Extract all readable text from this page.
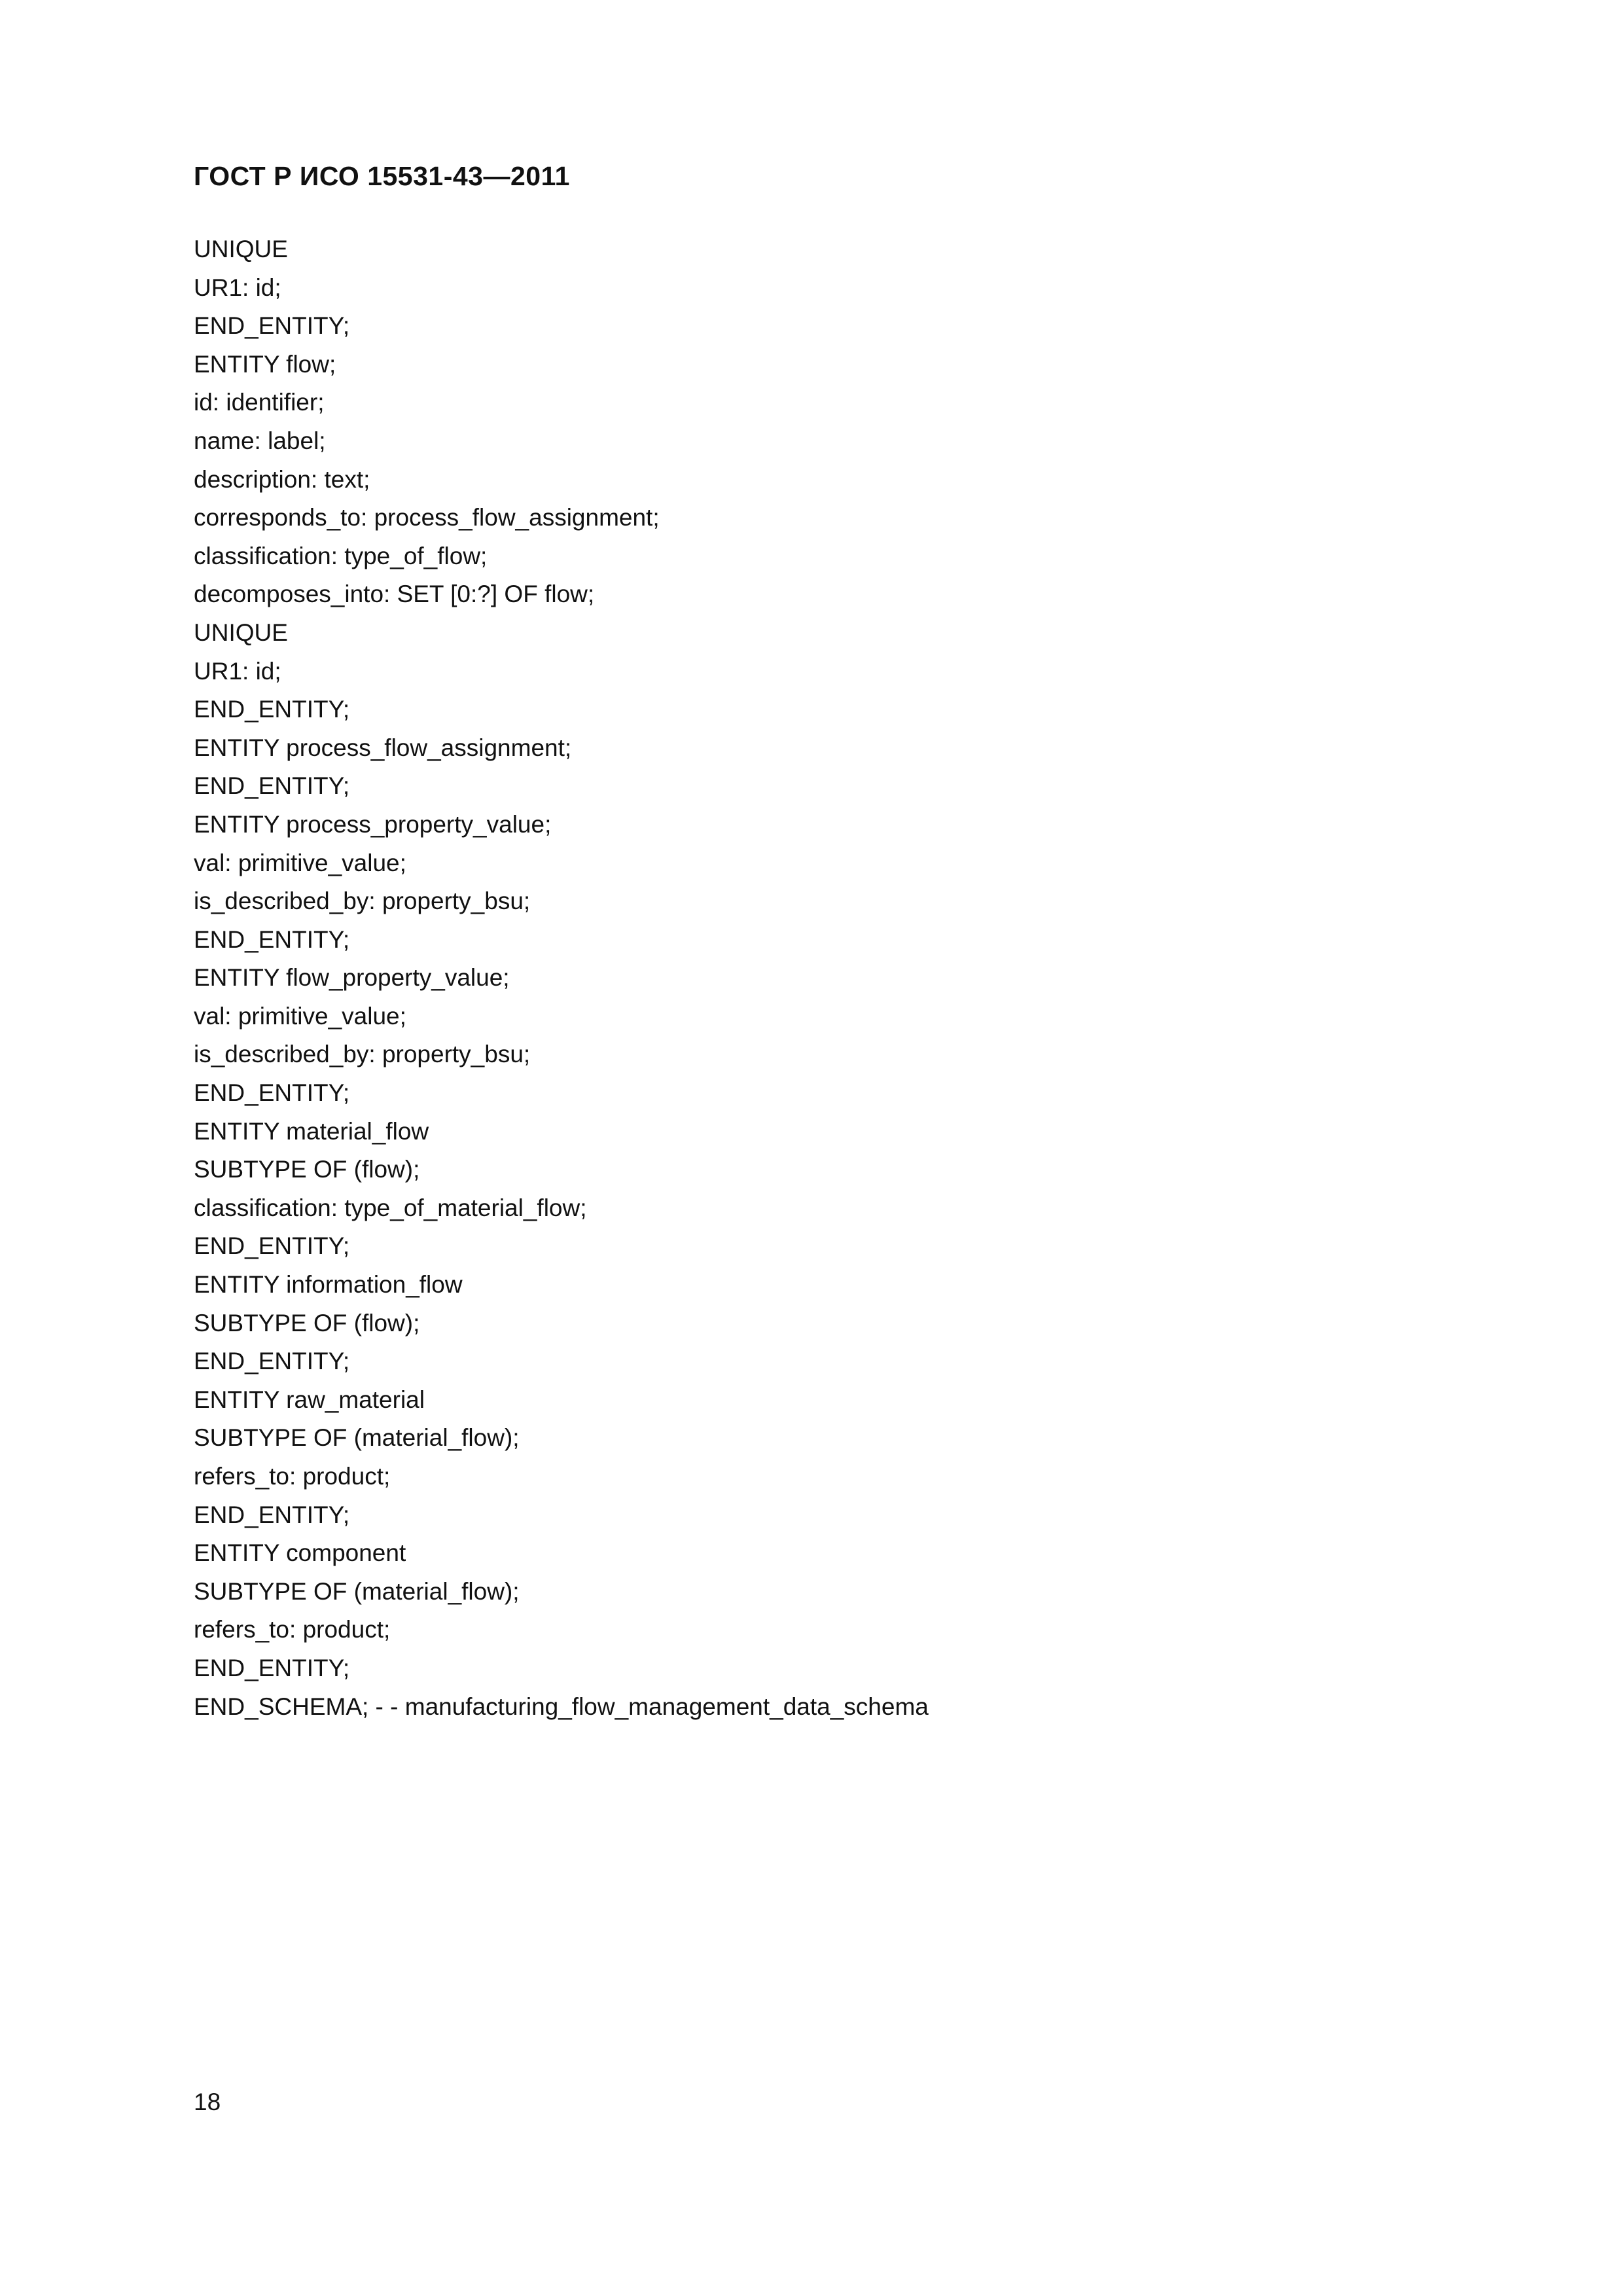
ГОСТ Р ИСО 15531-43—2011
UNIQUE
UR1: id;
END_ENTITY;
ENTITY flow;
id: identifier;
name: label;
description: text;
corresponds_to: process_flow_assignment;
classification: type_of_flow;
decomposes_into: SET [0:?] OF flow;
UNIQUE
UR1: id;
END_ENTITY;
ENTITY process_flow_assignment;
END_ENTITY;
ENTITY process_property_value;
val: primitive_value;
is_described_by: property_bsu;
END_ENTITY;
ENTITY flow_property_value;
val: primitive_value;
is_described_by: property_bsu;
END_ENTITY;
ENTITY material_flow
SUBTYPE OF (flow);
classification: type_of_material_flow;
END_ENTITY;
ENTITY information_flow
SUBTYPE OF (flow);
END_ENTITY;
ENTITY raw_material
SUBTYPE OF (material_flow);
refers_to: product;
END_ENTITY;
ENTITY component
SUBTYPE OF (material_flow);
refers_to: product;
END_ENTITY;
END_SCHEMA; - - manufacturing_flow_management_data_schema
18
